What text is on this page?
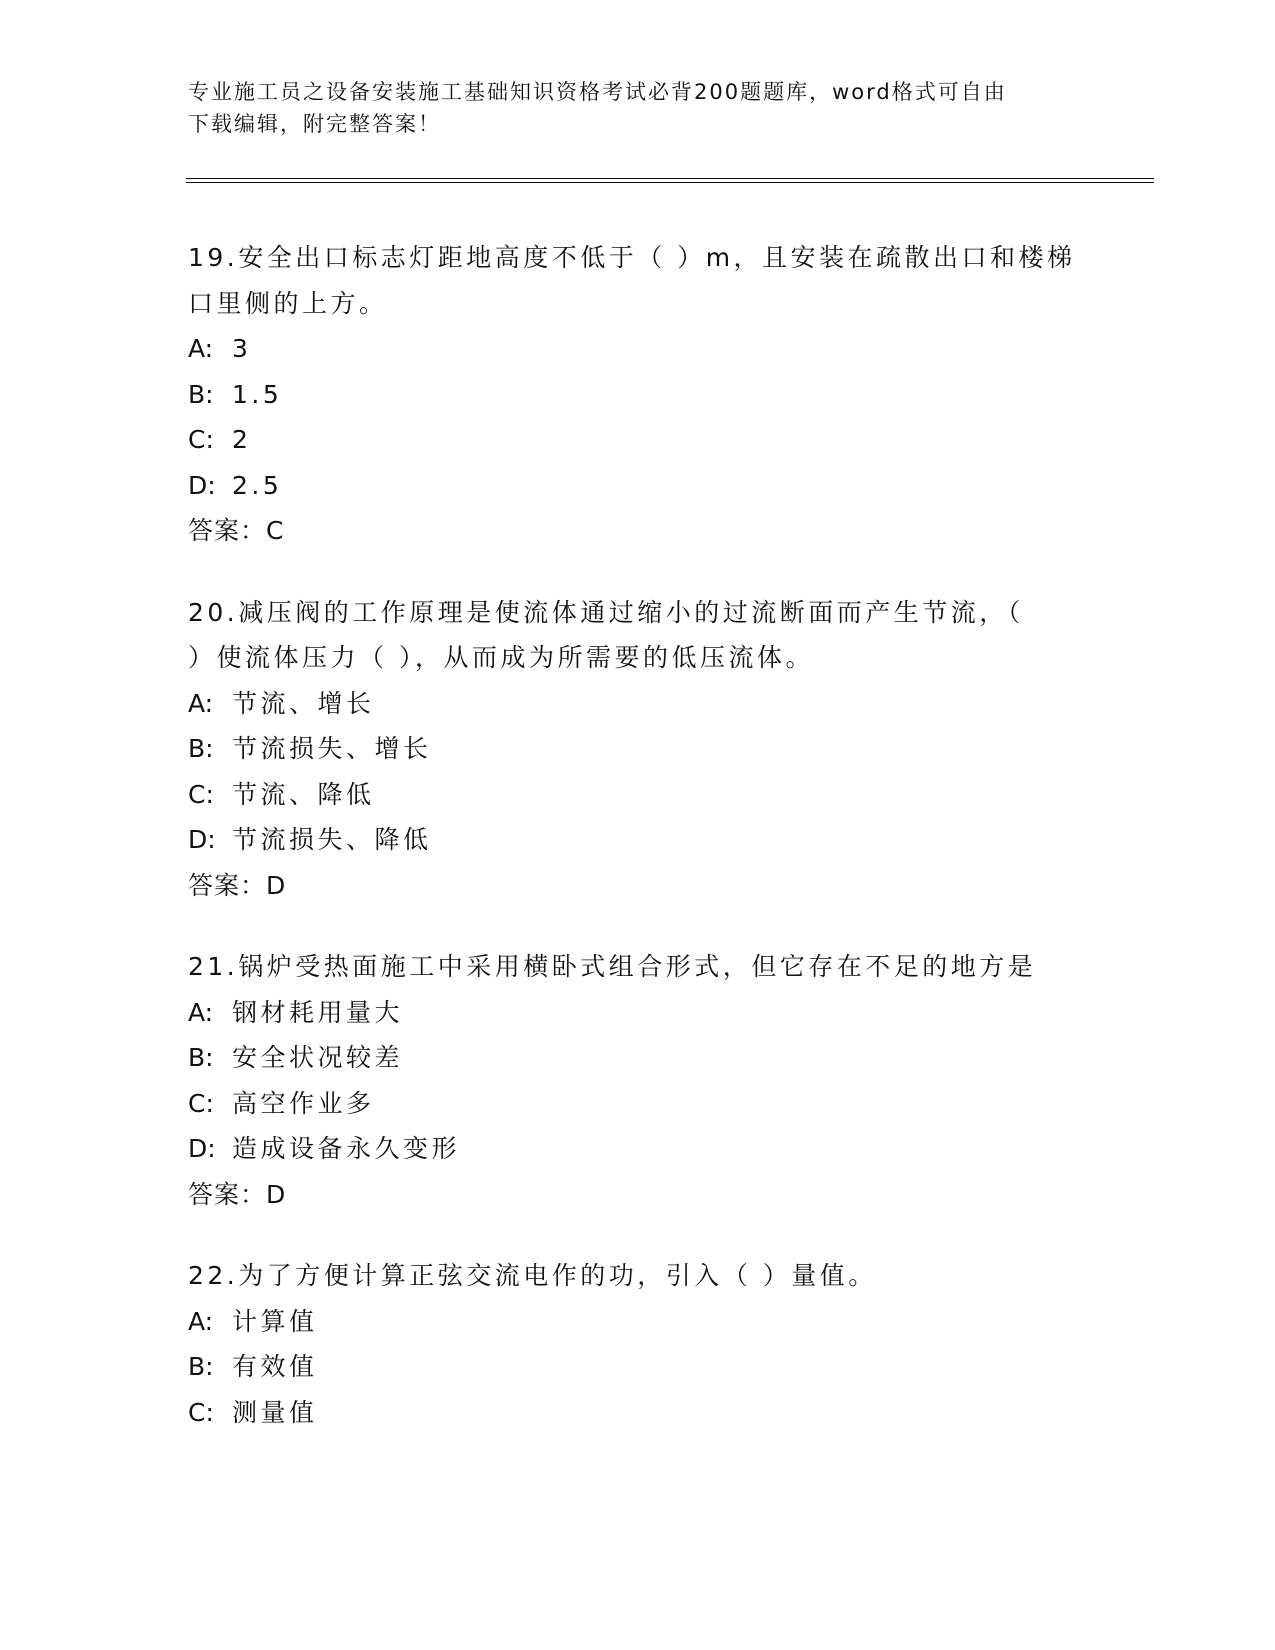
专业施工员之设备安装施工基础知识资格考试必背200题题库，word格式可自由
下载编辑，附完整答案！
19.安全出口标志灯距地高度不低于（ ）m，且安装在疏散出口和楼梯
口里侧的上方。
A: 3
B: 1.5
C: 2
D: 2.5
答案：C
20.减压阀的工作原理是使流体通过缩小的过流断面而产生节流，（
）使流体压力（ ），从而成为所需要的低压流体。
A: 节流、增长
B: 节流损失、增长
C: 节流、降低
D: 节流损失、降低
答案：D
21.锅炉受热面施工中采用横卧式组合形式，但它存在不足的地方是
A: 钢材耗用量大
B: 安全状况较差
C: 高空作业多
D: 造成设备永久变形
答案：D
22.为了方便计算正弦交流电作的功，引入（ ）量值。
A: 计算值
B: 有效值
C: 测量值
